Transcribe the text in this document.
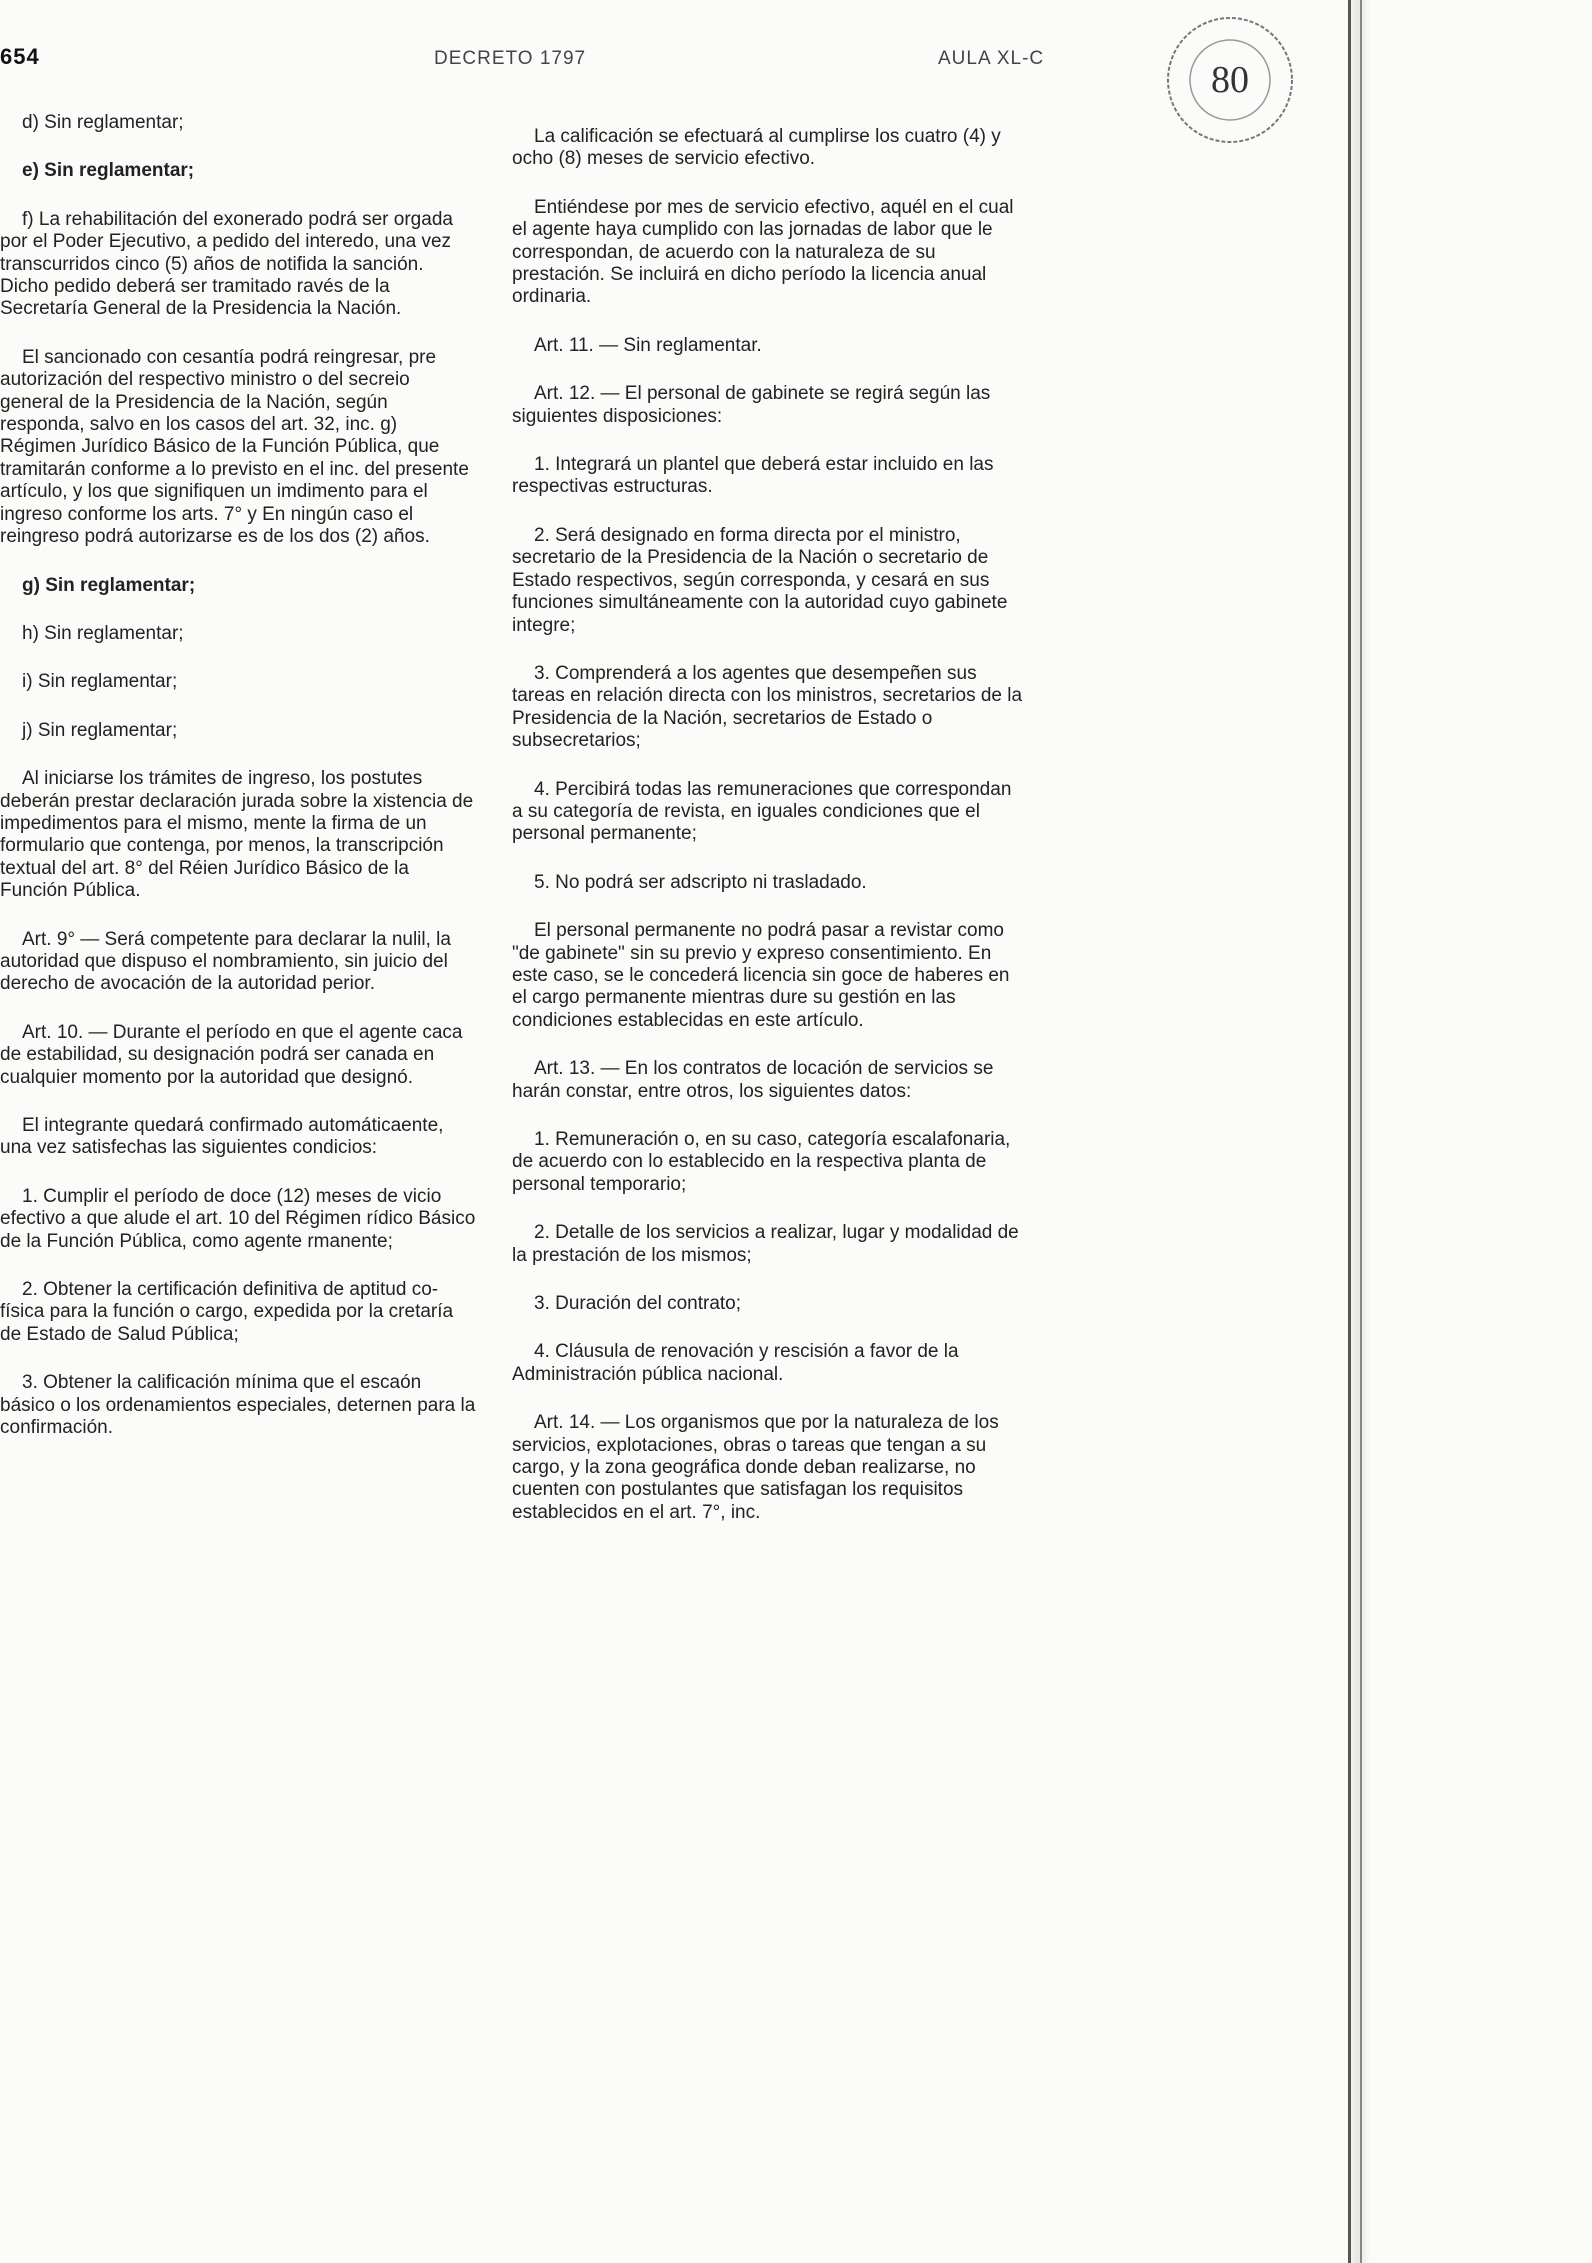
654	DECRETO 1797	AULA XL-C

d) Sin reglamentar;

e) Sin reglamentar;

f) La rehabilitación del exonerado podrá ser orgada por el Poder Ejecutivo, a pedido del interedo, una vez transcurridos cinco (5) años de notifida la sanción. Dicho pedido deberá ser tramitado ravés de la Secretaría General de la Presidencia la Nación.

El sancionado con cesantía podrá reingresar, pre autorización del respectivo ministro o del secreio general de la Presidencia de la Nación, según responda, salvo en los casos del art. 32, inc. g) Régimen Jurídico Básico de la Función Pública, que tramitarán conforme a lo previsto en el inc. del presente artículo, y los que signifiquen un imdimento para el ingreso conforme los arts. 7° y En ningún caso el reingreso podrá autorizarse es de los dos (2) años.

g) Sin reglamentar;

h) Sin reglamentar;

i) Sin reglamentar;

j) Sin reglamentar;

Al iniciarse los trámites de ingreso, los postutes deberán prestar declaración jurada sobre la xistencia de impedimentos para el mismo, mente la firma de un formulario que contenga, por menos, la transcripción textual del art. 8° del Réien Jurídico Básico de la Función Pública.

Art. 9° — Será competente para declarar la nulil, la autoridad que dispuso el nombramiento, sin juicio del derecho de avocación de la autoridad perior.

Art. 10. — Durante el período en que el agente caca de estabilidad, su designación podrá ser canada en cualquier momento por la autoridad que designó.

El integrante quedará confirmado automáticaente, una vez satisfechas las siguientes condicios:

1. Cumplir el período de doce (12) meses de vicio efectivo a que alude el art. 10 del Régimen rídico Básico de la Función Pública, como agente rmanente;

2. Obtener la certificación definitiva de aptitud co-física para la función o cargo, expedida por la cretaría de Estado de Salud Pública;

3. Obtener la calificación mínima que el escaón básico o los ordenamientos especiales, deternen para la confirmación.

La calificación se efectuará al cumplirse los cuatro (4) y ocho (8) meses de servicio efectivo.

Entiéndese por mes de servicio efectivo, aquél en el cual el agente haya cumplido con las jornadas de labor que le correspondan, de acuerdo con la naturaleza de su prestación. Se incluirá en dicho período la licencia anual ordinaria.

Art. 11. — Sin reglamentar.

Art. 12. — El personal de gabinete se regirá según las siguientes disposiciones:

1. Integrará un plantel que deberá estar incluido en las respectivas estructuras.

2. Será designado en forma directa por el ministro, secretario de la Presidencia de la Nación o secretario de Estado respectivos, según corresponda, y cesará en sus funciones simultáneamente con la autoridad cuyo gabinete integre;

3. Comprenderá a los agentes que desempeñen sus tareas en relación directa con los ministros, secretarios de la Presidencia de la Nación, secretarios de Estado o subsecretarios;

4. Percibirá todas las remuneraciones que correspondan a su categoría de revista, en iguales condiciones que el personal permanente;

5. No podrá ser adscripto ni trasladado.

El personal permanente no podrá pasar a revistar como "de gabinete" sin su previo y expreso consentimiento. En este caso, se le concederá licencia sin goce de haberes en el cargo permanente mientras dure su gestión en las condiciones establecidas en este artículo.

Art. 13. — En los contratos de locación de servicios se harán constar, entre otros, los siguientes datos:

1. Remuneración o, en su caso, categoría escalafonaria, de acuerdo con lo establecido en la respectiva planta de personal temporario;

2. Detalle de los servicios a realizar, lugar y modalidad de la prestación de los mismos;

3. Duración del contrato;

4. Cláusula de renovación y rescisión a favor de la Administración pública nacional.

Art. 14. — Los organismos que por la naturaleza de los servicios, explotaciones, obras o tareas que tengan a su cargo, y la zona geográfica donde deban realizarse, no cuenten con postulantes que satisfagan los requisitos establecidos en el art. 7°, inc.

80
